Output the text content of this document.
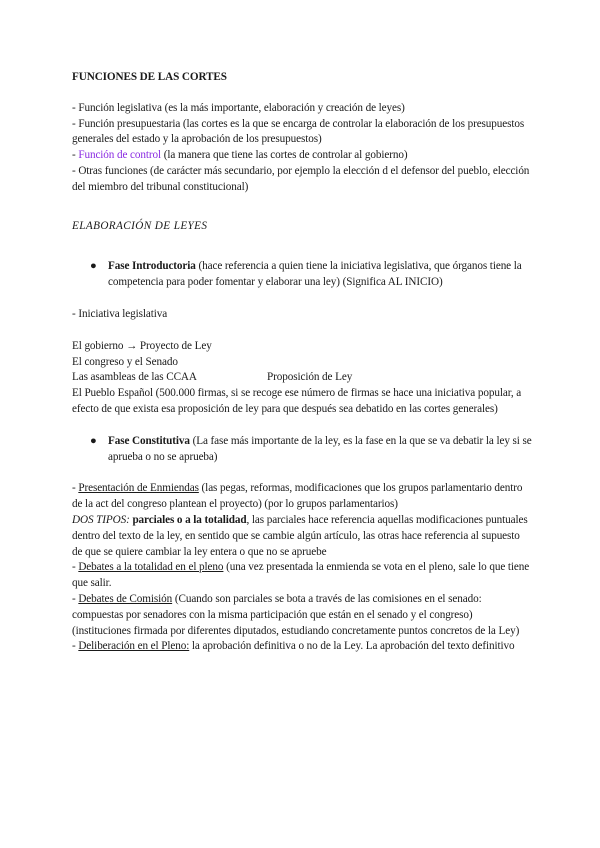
FUNCIONES DE LAS CORTES

- Función legislativa (es la más importante, elaboración y creación de leyes)

- Función presupuestaria (las cortes es la que se encarga de controlar la elaboración de los presupuestos generales del estado y la aprobación de los presupuestos)

- Función de control (la manera que tiene las cortes de controlar al gobierno)

- Otras funciones (de carácter más secundario, por ejemplo la elección d el defensor del pueblo, elección del miembro del tribunal constitucional)

ELABORACIÓN DE LEYES

● Fase Introductoria (hace referencia a quien tiene la iniciativa legislativa, que órganos tiene la competencia para poder fomentar y elaborar una ley) (Significa AL INICIO)

- Iniciativa legislativa

El gobierno → Proyecto de Ley

El congreso y el Senado

Las asambleas de las CCAA	Proposición de Ley

El Pueblo Español (500.000 firmas, si se recoge ese número de firmas se hace una iniciativa popular, a efecto de que exista esa proposición de ley para que después sea debatido en las cortes generales)

● Fase Constitutiva (La fase más importante de la ley, es la fase en la que se va debatir la ley si se aprueba o no se aprueba)

- Presentación de Enmiendas (las pegas, reformas, modificaciones que los grupos parlamentario dentro de la act del congreso plantean el proyecto) (por lo grupos parlamentarios)

DOS TIPOS: parciales o a la totalidad, las parciales hace referencia aquellas modificaciones puntuales dentro del texto de la ley, en sentido que se cambie algún artículo, las otras hace referencia al supuesto de que se quiere cambiar la ley entera o que no se apruebe

- Debates a la totalidad en el pleno (una vez presentada la enmienda se vota en el pleno, sale lo que tiene que salir.

- Debates de Comisión (Cuando son parciales se bota a través de las comisiones en el senado: compuestas por senadores con la misma participación que están en el senado y el congreso) (instituciones firmada por diferentes diputados, estudiando concretamente puntos concretos de la Ley)

- Deliberación en el Pleno: la aprobación definitiva o no de la Ley. La aprobación del texto definitivo
